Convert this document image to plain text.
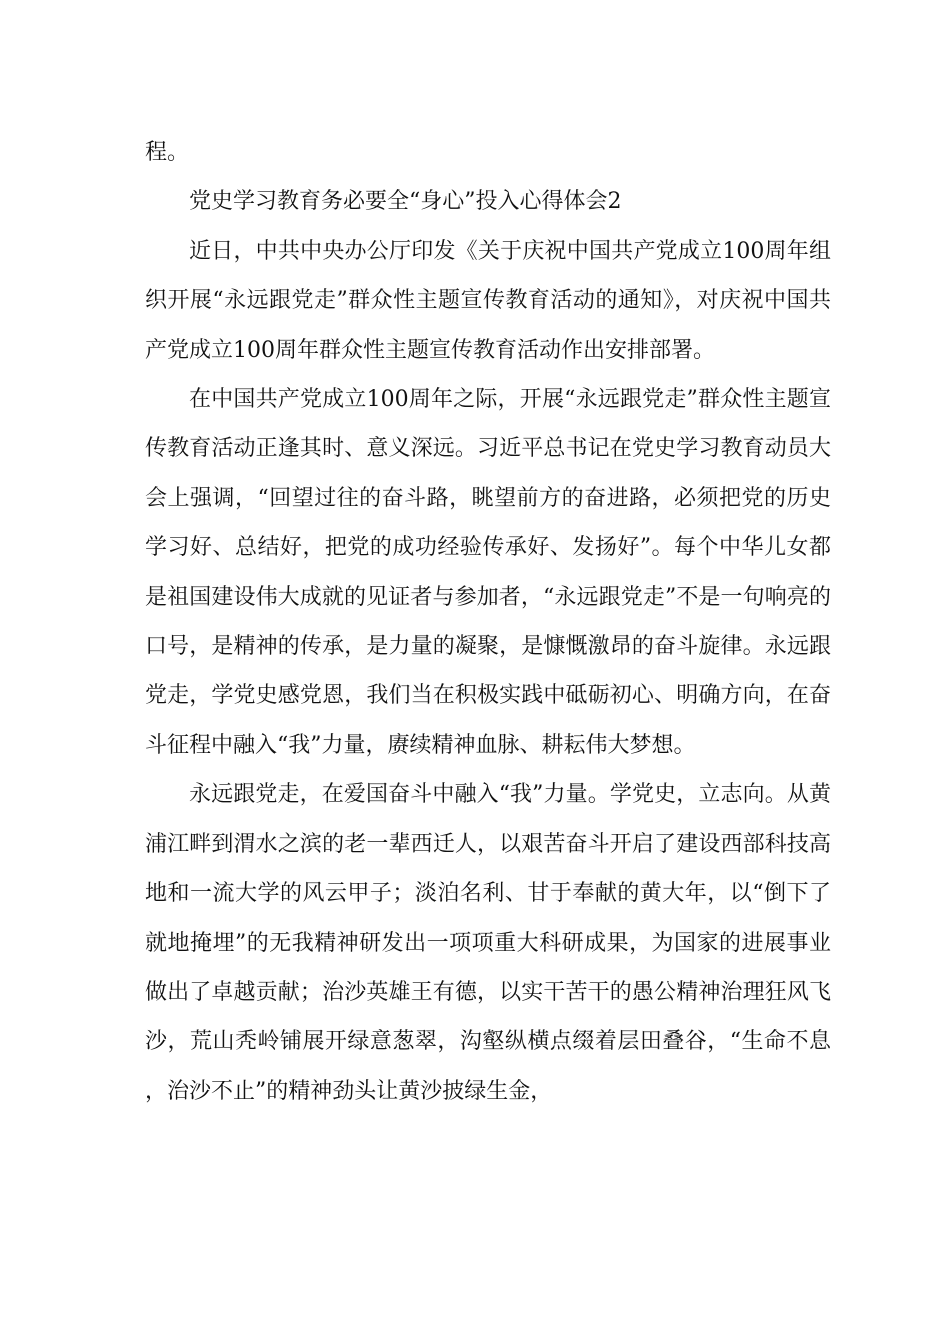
程。

党史学习教育务必要全“身心”投入心得体会2

近日，中共中央办公厅印发《关于庆祝中国共产党成立100周年组织开展“永远跟党走”群众性主题宣传教育活动的通知》，对庆祝中国共产党成立100周年群众性主题宣传教育活动作出安排部署。

在中国共产党成立100周年之际，开展“永远跟党走”群众性主题宣传教育活动正逢其时、意义深远。习近平总书记在党史学习教育动员大会上强调，“回望过往的奋斗路，眺望前方的奋进路，必须把党的历史学习好、总结好，把党的成功经验传承好、发扬好”。每个中华儿女都是祖国建设伟大成就的见证者与参加者，“永远跟党走”不是一句响亮的口号，是精神的传承，是力量的凝聚，是慷慨激昂的奋斗旋律。永远跟党走，学党史感党恩，我们当在积极实践中砥砺初心、明确方向，在奋斗征程中融入“我”力量，赓续精神血脉、耕耘伟大梦想。

永远跟党走，在爱国奋斗中融入“我”力量。学党史，立志向。从黄浦江畔到渭水之滨的老一辈西迁人，以艰苦奋斗开启了建设西部科技高地和一流大学的风云甲子；淡泊名利、甘于奉献的黄大年，以“倒下了就地掩埋”的无我精神研发出一项项重大科研成果，为国家的进展事业做出了卓越贡献；治沙英雄王有德，以实干苦干的愚公精神治理狂风飞沙，荒山秃岭铺展开绿意葱翠，沟壑纵横点缀着层田叠谷，“生命不息，治沙不止”的精神劲头让黄沙披绿生金，
